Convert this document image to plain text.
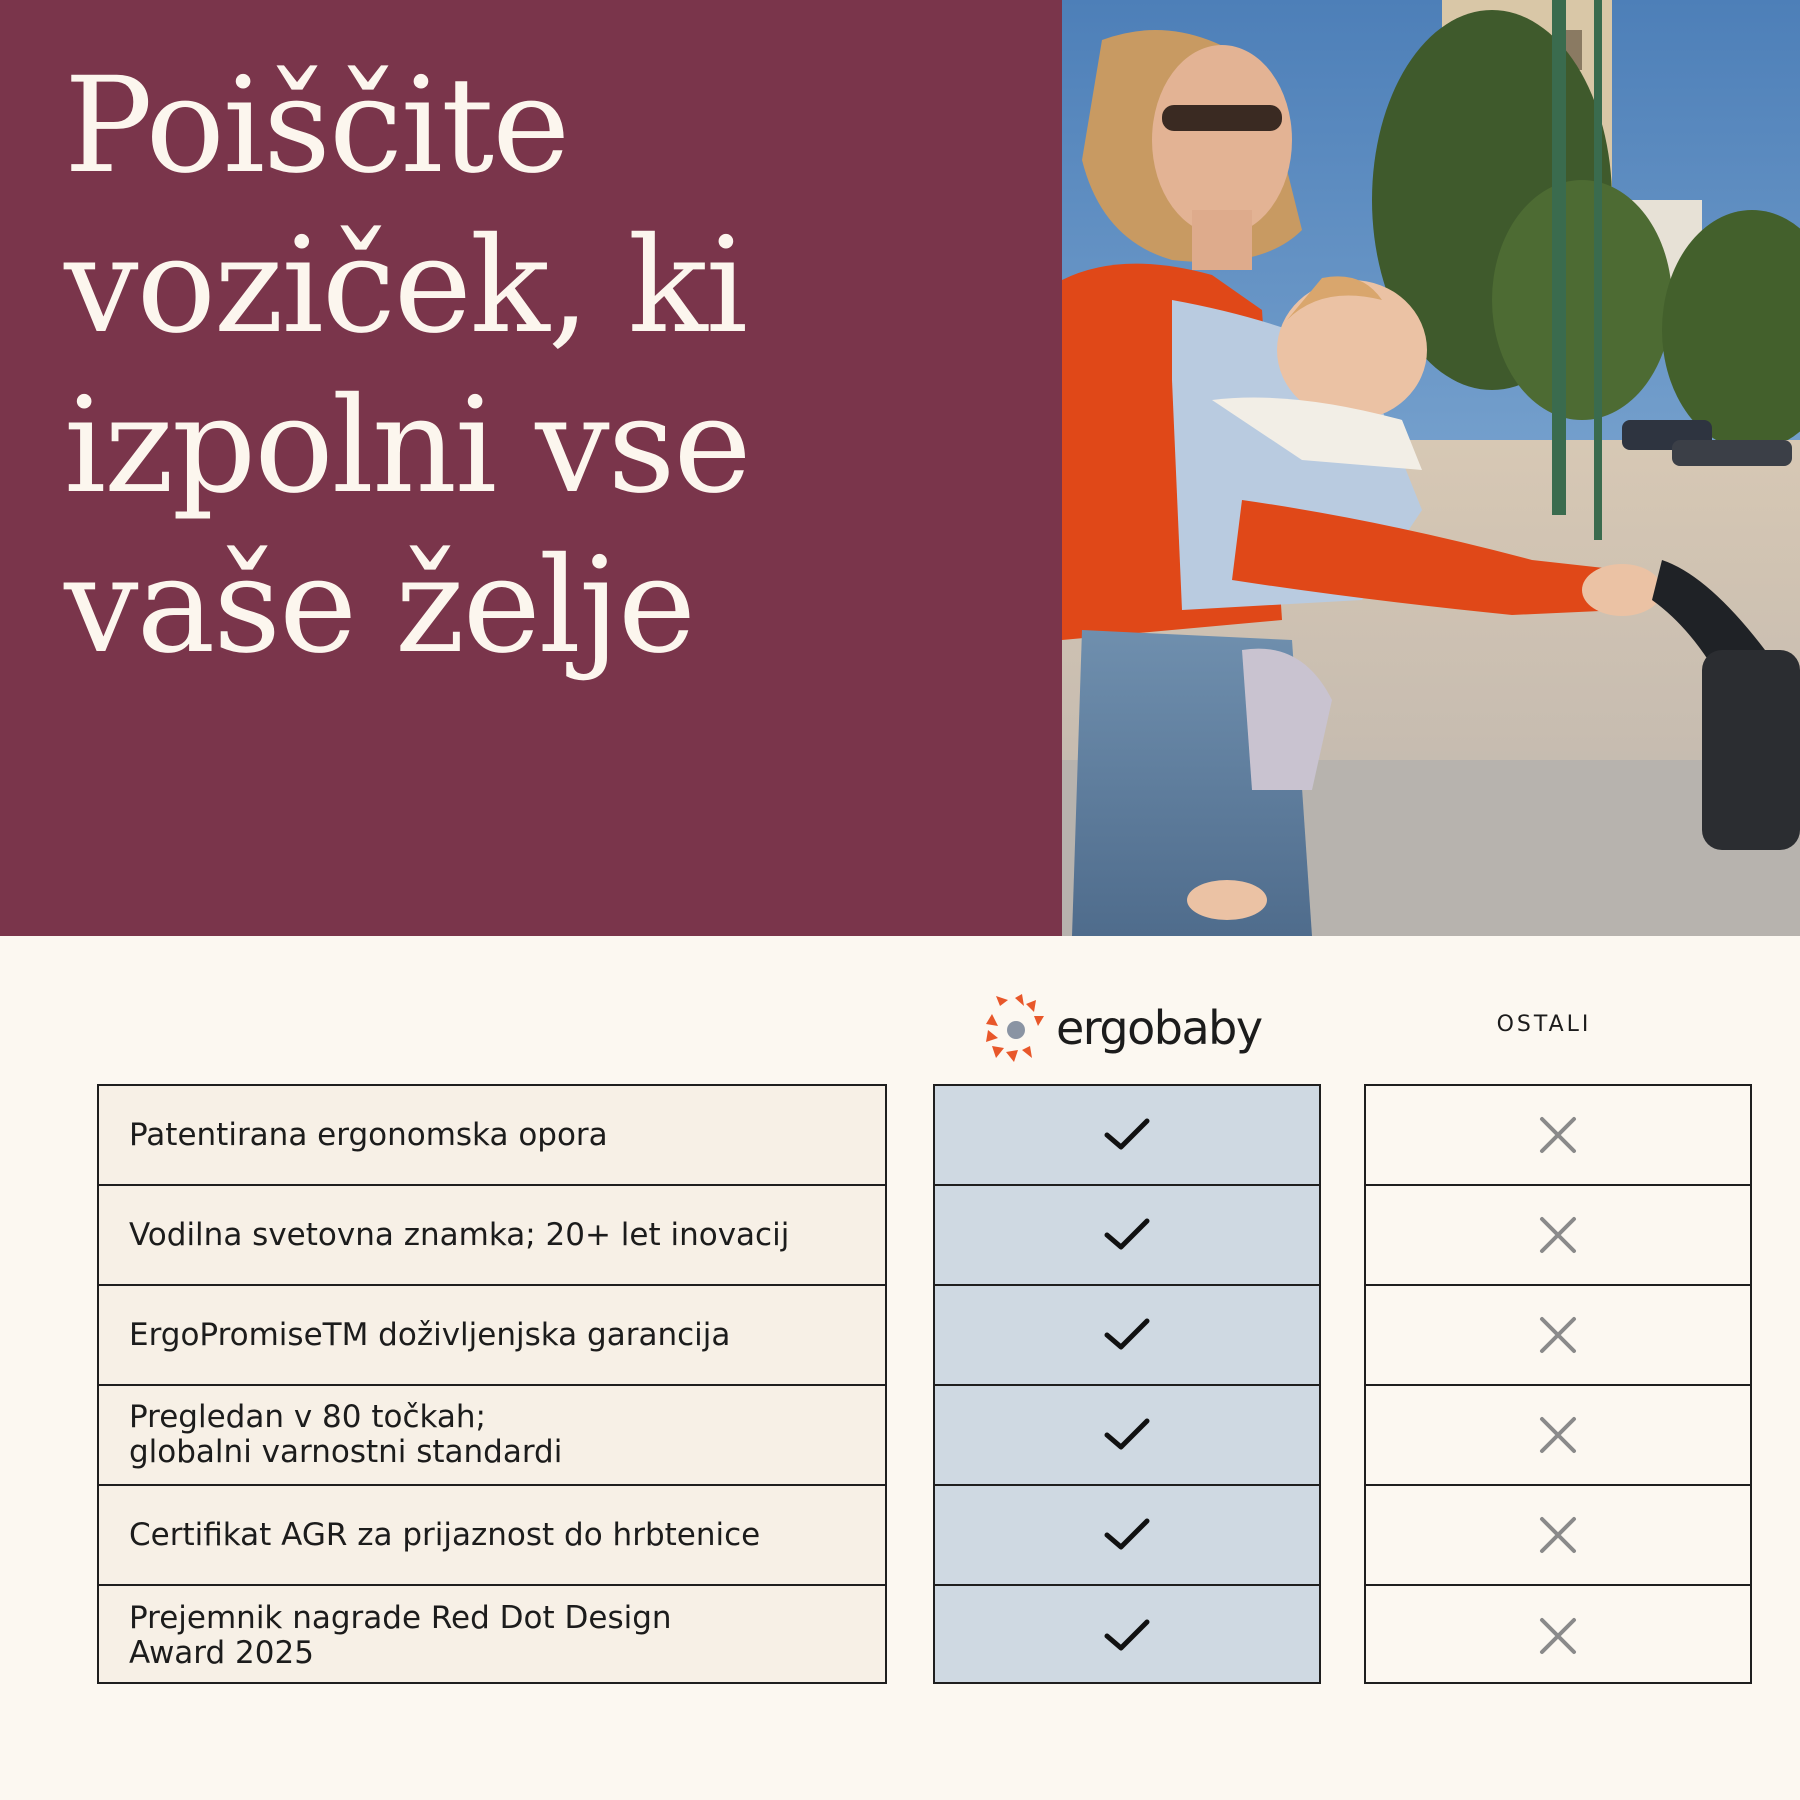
Poiščite
voziček, ki
izpolni vse
vaše želje
ergobaby	OSTALI
Patentirana ergonomska opora
Vodilna svetovna znamka; 20+ let inovacij
ErgoPromiseTM doživljenjska garancija
Pregledan v 80 točkah;
globalni varnostni standardi
Certifikat AGR za prijaznost do hrbtenice
Prejemnik nagrade Red Dot Design
Award 2025
